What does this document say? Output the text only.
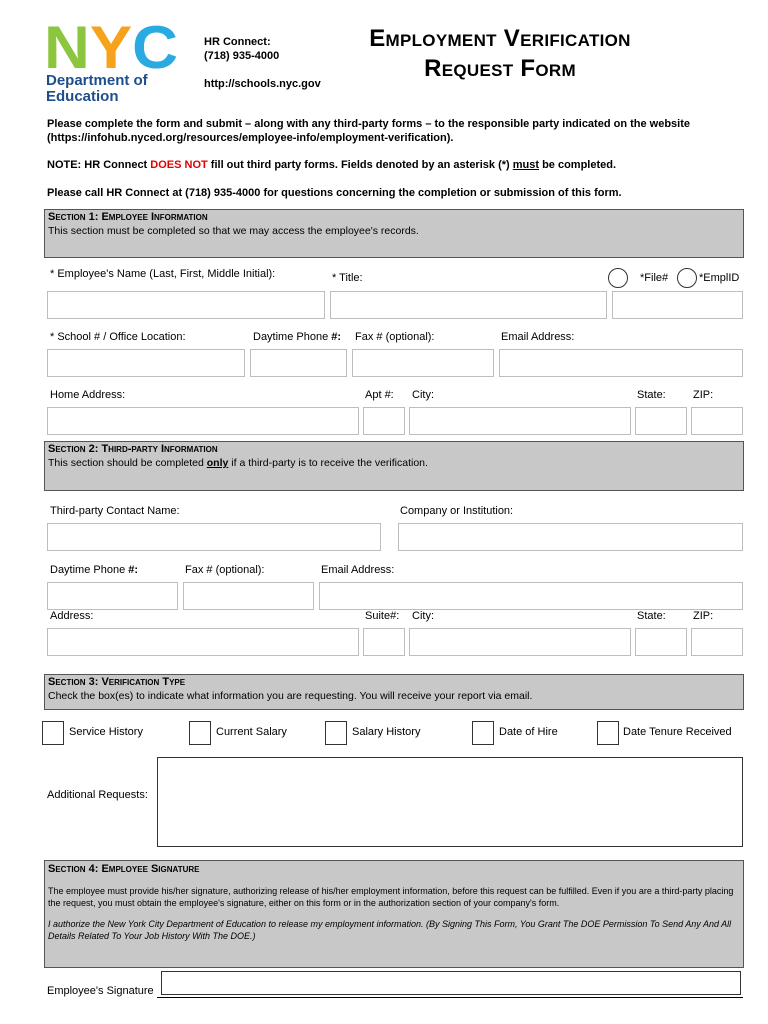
NYC
Department of
Education
HR Connect:
(718) 935-4000
http://schools.nyc.gov
Employment Verification
Request Form
Please complete the form and submit – along with any third-party forms – to the responsible party indicated on the website (https://infohub.nyced.org/resources/employee-info/employment-verification).
NOTE: HR Connect DOES NOT fill out third party forms. Fields denoted by an asterisk (*) must be completed.
Please call HR Connect at (718) 935-4000 for questions concerning the completion or submission of this form.
Section 1: Employee Information
This section must be completed so that we may access the employee's records.
* Employee's Name (Last, First, Middle Initial):	* Title:	*File#	*EmplID
* School # / Office Location:	Daytime Phone #: Fax # (optional):	Email Address:
Home Address:	Apt #: City:	State: ZIP:
Section 2: Third-party Information
This section should be completed only if a third-party is to receive the verification.
Third-party Contact Name:	Company or Institution:
Daytime Phone #:	Fax # (optional):	Email Address:
Address:	Suite#: City:	State: ZIP:
Section 3: Verification Type
Check the box(es) to indicate what information you are requesting. You will receive your report via email.
Service History	Current Salary	Salary History	Date of Hire	Date Tenure Received
Additional Requests:
Section 4: Employee Signature
The employee must provide his/her signature, authorizing release of his/her employment information, before this request can be fulfilled. Even if you are a third-party placing the request, you must obtain the employee's signature, either on this form or in the authorization section of your company's form.
I authorize the New York City Department of Education to release my employment information. (By Signing This Form, You Grant The DOE Permission To Send Any And All Details Related To Your Job History With The DOE.)
Employee's Signature
